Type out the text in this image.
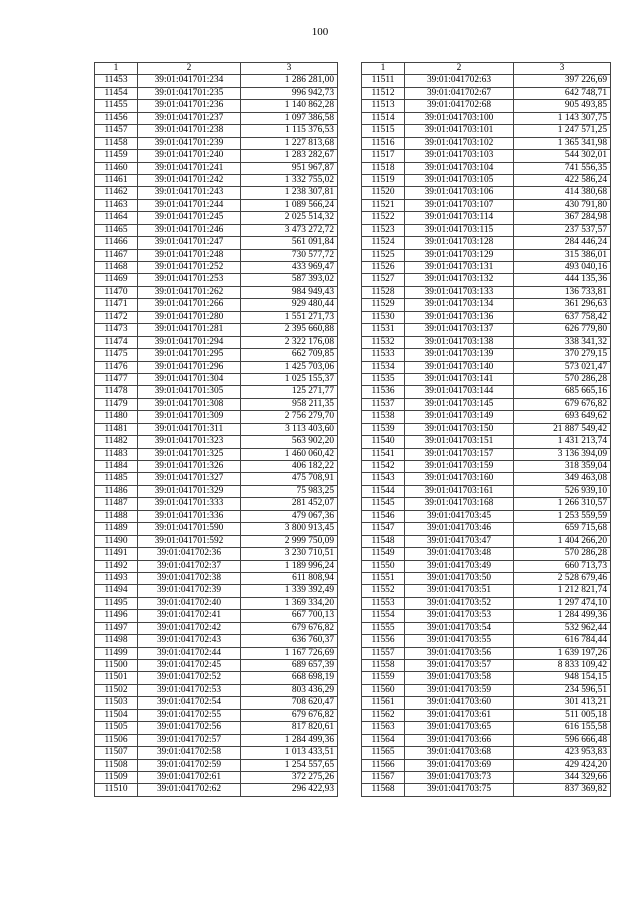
100
1	2	3
11453	39:01:041701:234	1 286 281,00
11454	39:01:041701:235	996 942,73
11455	39:01:041701:236	1 140 862,28
11456	39:01:041701:237	1 097 386,58
11457	39:01:041701:238	1 115 376,53
11458	39:01:041701:239	1 227 813,68
11459	39:01:041701:240	1 283 282,67
11460	39:01:041701:241	951 967,87
11461	39:01:041701:242	1 332 755,02
11462	39:01:041701:243	1 238 307,81
11463	39:01:041701:244	1 089 566,24
11464	39:01:041701:245	2 025 514,32
11465	39:01:041701:246	3 473 272,72
11466	39:01:041701:247	561 091,84
11467	39:01:041701:248	730 577,72
11468	39:01:041701:252	433 969,47
11469	39:01:041701:253	587 393,02
11470	39:01:041701:262	984 949,43
11471	39:01:041701:266	929 480,44
11472	39:01:041701:280	1 551 271,73
11473	39:01:041701:281	2 395 660,88
11474	39:01:041701:294	2 322 176,08
11475	39:01:041701:295	662 709,85
11476	39:01:041701:296	1 425 703,06
11477	39:01:041701:304	1 025 155,37
11478	39:01:041701:305	125 271,77
11479	39:01:041701:308	958 211,35
11480	39:01:041701:309	2 756 279,70
11481	39:01:041701:311	3 113 403,60
11482	39:01:041701:323	563 902,20
11483	39:01:041701:325	1 460 060,42
11484	39:01:041701:326	406 182,22
11485	39:01:041701:327	475 708,91
11486	39:01:041701:329	75 983,25
11487	39:01:041701:333	281 452,07
11488	39:01:041701:336	479 067,36
11489	39:01:041701:590	3 800 913,45
11490	39:01:041701:592	2 999 750,09
11491	39:01:041702:36	3 230 710,51
11492	39:01:041702:37	1 189 996,24
11493	39:01:041702:38	611 808,94
11494	39:01:041702:39	1 339 392,49
11495	39:01:041702:40	1 369 334,20
11496	39:01:041702:41	667 700,13
11497	39:01:041702:42	679 676,82
11498	39:01:041702:43	636 760,37
11499	39:01:041702:44	1 167 726,69
11500	39:01:041702:45	689 657,39
11501	39:01:041702:52	668 698,19
11502	39:01:041702:53	803 436,29
11503	39:01:041702:54	708 620,47
11504	39:01:041702:55	679 676,82
11505	39:01:041702:56	817 820,61
11506	39:01:041702:57	1 284 499,36
11507	39:01:041702:58	1 013 433,51
11508	39:01:041702:59	1 254 557,65
11509	39:01:041702:61	372 275,26
11510	39:01:041702:62	296 422,93
1	2	3
11511	39:01:041702:63	397 226,69
11512	39:01:041702:67	642 748,71
11513	39:01:041702:68	905 493,85
11514	39:01:041703:100	1 143 307,75
11515	39:01:041703:101	1 247 571,25
11516	39:01:041703:102	1 365 341,98
11517	39:01:041703:103	544 302,01
11518	39:01:041703:104	741 556,35
11519	39:01:041703:105	422 586,24
11520	39:01:041703:106	414 380,68
11521	39:01:041703:107	430 791,80
11522	39:01:041703:114	367 284,98
11523	39:01:041703:115	237 537,57
11524	39:01:041703:128	284 446,24
11525	39:01:041703:129	315 386,01
11526	39:01:041703:131	493 040,16
11527	39:01:041703:132	444 135,36
11528	39:01:041703:133	136 733,81
11529	39:01:041703:134	361 296,63
11530	39:01:041703:136	637 758,42
11531	39:01:041703:137	626 779,80
11532	39:01:041703:138	338 341,32
11533	39:01:041703:139	370 279,15
11534	39:01:041703:140	573 021,47
11535	39:01:041703:141	570 286,28
11536	39:01:041703:144	685 665,16
11537	39:01:041703:145	679 676,82
11538	39:01:041703:149	693 649,62
11539	39:01:041703:150	21 887 549,42
11540	39:01:041703:151	1 431 213,74
11541	39:01:041703:157	3 136 394,09
11542	39:01:041703:159	318 359,04
11543	39:01:041703:160	349 463,08
11544	39:01:041703:161	526 939,10
11545	39:01:041703:168	1 266 310,57
11546	39:01:041703:45	1 253 559,59
11547	39:01:041703:46	659 715,68
11548	39:01:041703:47	1 404 266,20
11549	39:01:041703:48	570 286,28
11550	39:01:041703:49	660 713,73
11551	39:01:041703:50	2 528 679,46
11552	39:01:041703:51	1 212 821,74
11553	39:01:041703:52	1 297 474,10
11554	39:01:041703:53	1 284 499,36
11555	39:01:041703:54	532 962,44
11556	39:01:041703:55	616 784,44
11557	39:01:041703:56	1 639 197,26
11558	39:01:041703:57	8 833 109,42
11559	39:01:041703:58	948 154,15
11560	39:01:041703:59	234 596,51
11561	39:01:041703:60	301 413,21
11562	39:01:041703:61	511 005,18
11563	39:01:041703:65	616 155,58
11564	39:01:041703:66	596 666,48
11565	39:01:041703:68	423 953,83
11566	39:01:041703:69	429 424,20
11567	39:01:041703:73	344 329,66
11568	39:01:041703:75	837 369,82
